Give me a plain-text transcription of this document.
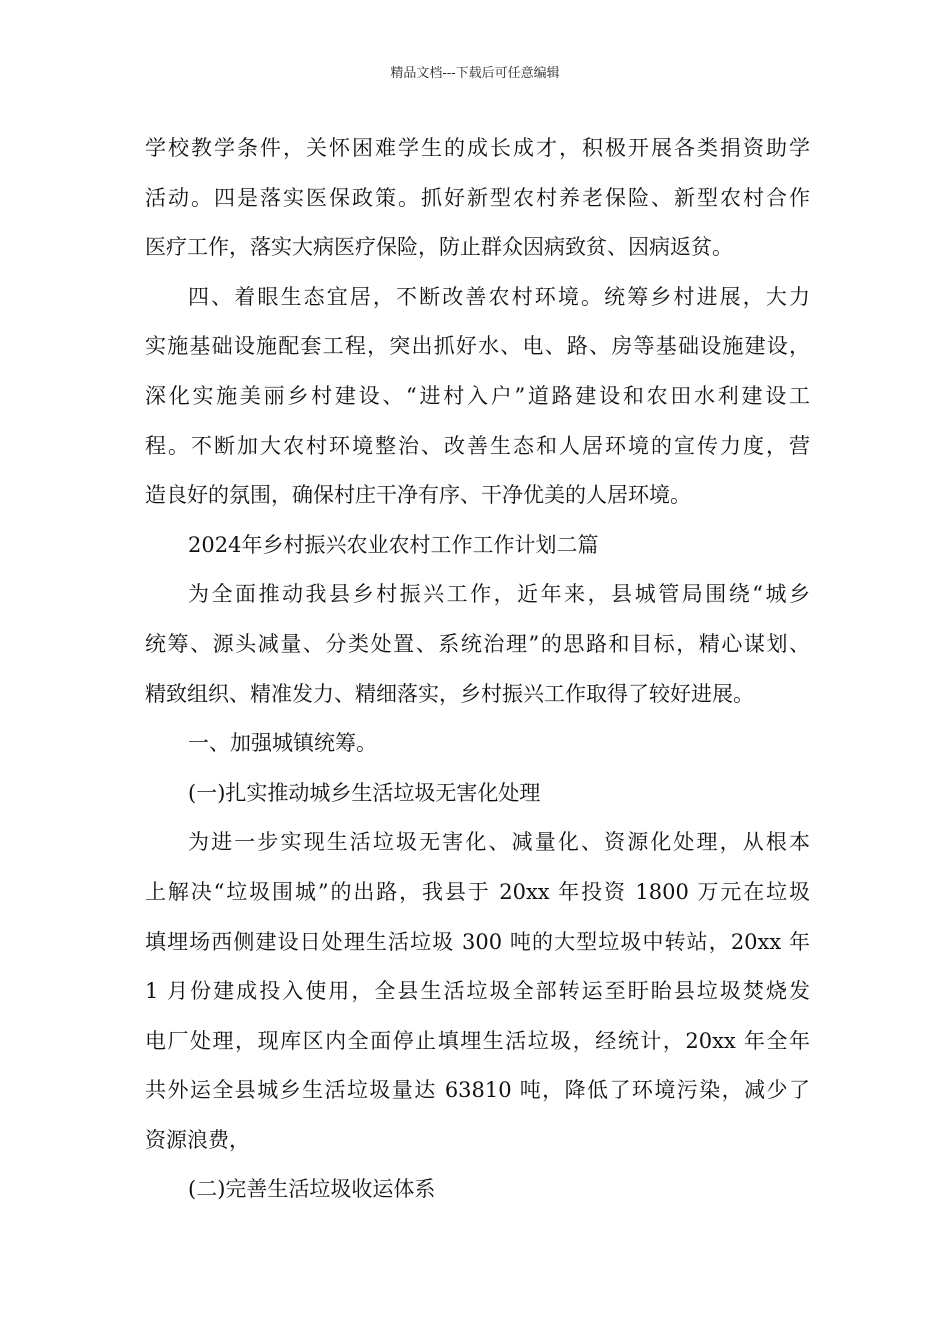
精品文档---下载后可任意编辑
学校教学条件，关怀困难学生的成长成才，积极开展各类捐资助学
活动。四是落实医保政策。抓好新型农村养老保险、新型农村合作
医疗工作，落实大病医疗保险，防止群众因病致贫、因病返贫。
四、着眼生态宜居，不断改善农村环境。统筹乡村进展，大力
实施基础设施配套工程，突出抓好水、电、路、房等基础设施建设，
深化实施美丽乡村建设、“进村入户”道路建设和农田水利建设工
程。不断加大农村环境整治、改善生态和人居环境的宣传力度，营
造良好的氛围，确保村庄干净有序、干净优美的人居环境。
2024年乡村振兴农业农村工作工作计划二篇
为全面推动我县乡村振兴工作，近年来，县城管局围绕“城乡
统筹、源头减量、分类处置、系统治理”的思路和目标，精心谋划、
精致组织、精准发力、精细落实，乡村振兴工作取得了较好进展。
一、加强城镇统筹。
(一)扎实推动城乡生活垃圾无害化处理
为进一步实现生活垃圾无害化、减量化、资源化处理，从根本
上解决“垃圾围城”的出路，我县于 20xx 年投资 1800 万元在垃圾
填埋场西侧建设日处理生活垃圾 300 吨的大型垃圾中转站，20xx 年
1 月份建成投入使用，全县生活垃圾全部转运至盱眙县垃圾焚烧发
电厂处理，现库区内全面停止填埋生活垃圾，经统计，20xx 年全年
共外运全县城乡生活垃圾量达 63810 吨，降低了环境污染，减少了
资源浪费，
(二)完善生活垃圾收运体系
